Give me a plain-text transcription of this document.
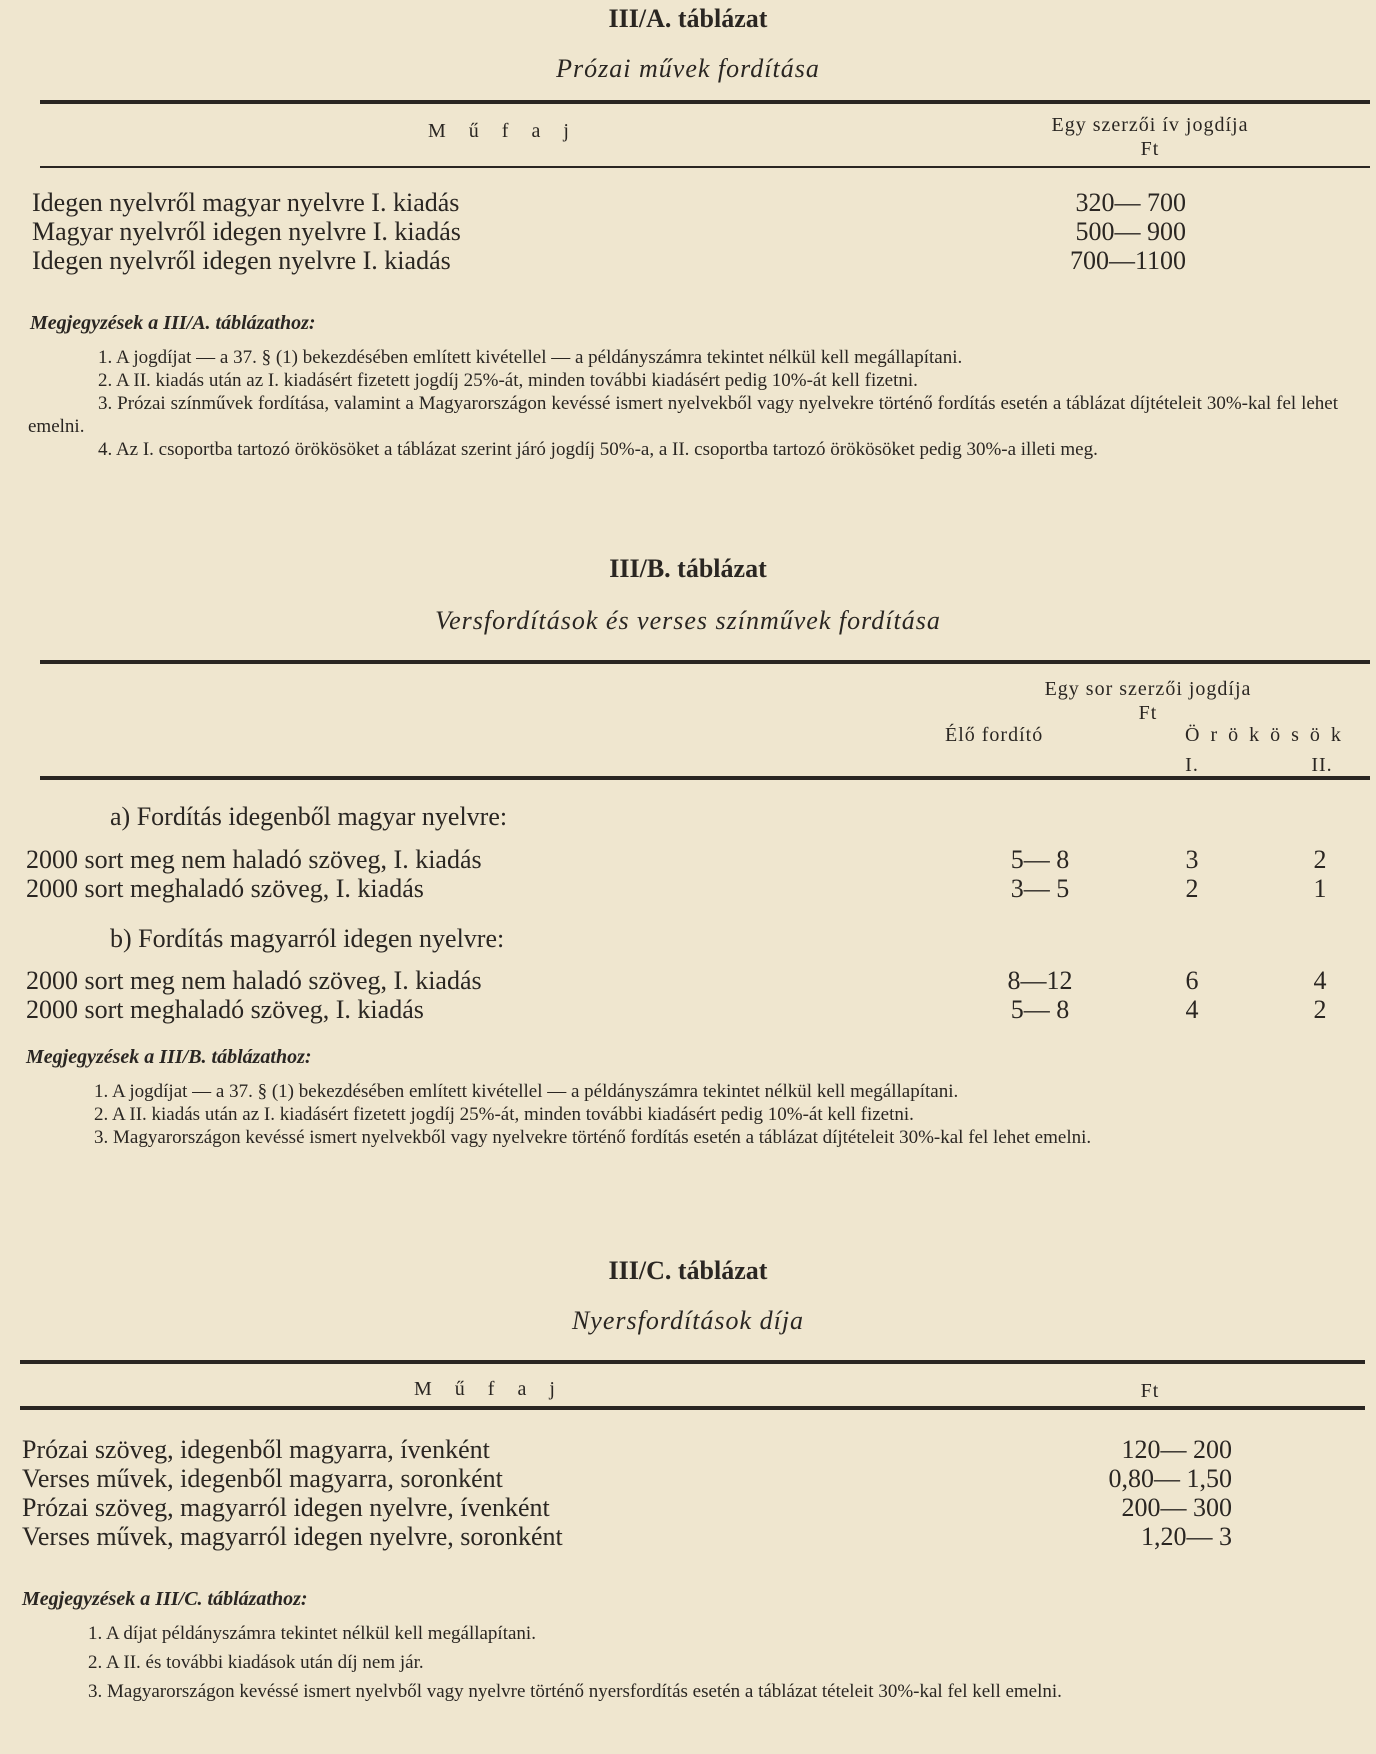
III/A. táblázat
Prózai művek fordítása
M ű f a j	Egy szerzői ív jogdíja
Ft
Idegen nyelvről magyar nyelvre I. kiadás	320— 700
Magyar nyelvről idegen nyelvre I. kiadás	500— 900
Idegen nyelvről idegen nyelvre I. kiadás	700—1100
Megjegyzések a III/A. táblázathoz:
1. A jogdíjat — a 37. § (1) bekezdésében említett kivétellel — a példányszámra tekintet nélkül kell megállapítani.
2. A II. kiadás után az I. kiadásért fizetett jogdíj 25%-át, minden további kiadásért pedig 10%-át kell fizetni.
3. Prózai színművek fordítása, valamint a Magyarországon kevéssé ismert nyelvekből vagy nyelvekre történő fordítás esetén a táblázat díjtételeit 30%-kal fel lehet emelni.
4. Az I. csoportba tartozó örökösöket a táblázat szerint járó jogdíj 50%-a, a II. csoportba tartozó örökösöket pedig 30%-a illeti meg.
III/B. táblázat
Versfordítások és verses színművek fordítása
Egy sor szerzői jogdíja
Ft
Élő fordító	Ö r ö k ö s ö k
I.	II.
a) Fordítás idegenből magyar nyelvre:
2000 sort meg nem haladó szöveg, I. kiadás	5— 8	3	2
2000 sort meghaladó szöveg, I. kiadás	3— 5	2	1
b) Fordítás magyarról idegen nyelvre:
2000 sort meg nem haladó szöveg, I. kiadás	8—12	6	4
2000 sort meghaladó szöveg, I. kiadás	5— 8	4	2
Megjegyzések a III/B. táblázathoz:
1. A jogdíjat — a 37. § (1) bekezdésében említett kivétellel — a példányszámra tekintet nélkül kell megállapítani.
2. A II. kiadás után az I. kiadásért fizetett jogdíj 25%-át, minden további kiadásért pedig 10%-át kell fizetni.
3. Magyarországon kevéssé ismert nyelvekből vagy nyelvekre történő fordítás esetén a táblázat díjtételeit 30%-kal fel lehet emelni.
III/C. táblázat
Nyersfordítások díja
M ű f a j	Ft
Prózai szöveg, idegenből magyarra, ívenként	120— 200
Verses művek, idegenből magyarra, soronként	0,80— 1,50
Prózai szöveg, magyarról idegen nyelvre, ívenként	200— 300
Verses művek, magyarról idegen nyelvre, soronként	1,20— 3
Megjegyzések a III/C. táblázathoz:
1. A díjat példányszámra tekintet nélkül kell megállapítani.
2. A II. és további kiadások után díj nem jár.
3. Magyarországon kevéssé ismert nyelvből vagy nyelvre történő nyersfordítás esetén a táblázat tételeit 30%-kal fel kell emelni.
